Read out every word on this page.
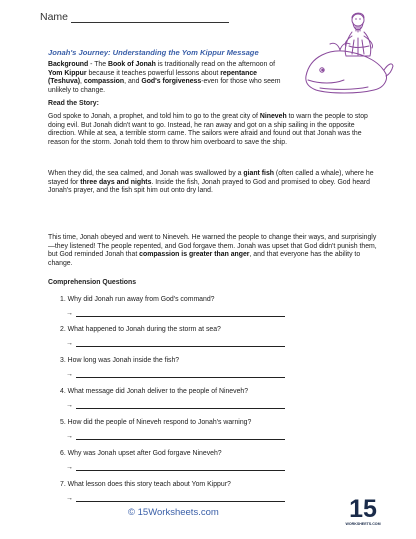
Name
Jonah's Journey: Understanding the Yom Kippur Message
Background - The Book of Jonah is traditionally read on the afternoon of Yom Kippur because it teaches powerful lessons about repentance (Teshuva), compassion, and God's forgiveness-even for those who seem unlikely to change.
Read the Story:
God spoke to Jonah, a prophet, and told him to go to the great city of Nineveh to warn the people to stop doing evil. But Jonah didn't want to go. Instead, he ran away and got on a ship sailing in the opposite direction. While at sea, a terrible storm came. The sailors were afraid and found out that Jonah was the reason for the storm. Jonah told them to throw him overboard to save the ship.
When they did, the sea calmed, and Jonah was swallowed by a giant fish (often called a whale), where he stayed for three days and nights. Inside the fish, Jonah prayed to God and promised to obey. God heard Jonah's prayer, and the fish spit him out onto dry land.
This time, Jonah obeyed and went to Nineveh. He warned the people to change their ways, and surprisingly—they listened! The people repented, and God forgave them. Jonah was upset that God didn't punish them, but God reminded Jonah that compassion is greater than anger, and that everyone has the ability to change.
Comprehension Questions
1. Why did Jonah run away from God's command?
→
2. What happened to Jonah during the storm at sea?
→
3. How long was Jonah inside the fish?
→
4. What message did Jonah deliver to the people of Nineveh?
→
5. How did the people of Nineveh respond to Jonah's warning?
→
6. Why was Jonah upset after God forgave Nineveh?
→
7. What lesson does this story teach about Yom Kippur?
→
© 15Worksheets.com	15
WORKSHEETS.COM
